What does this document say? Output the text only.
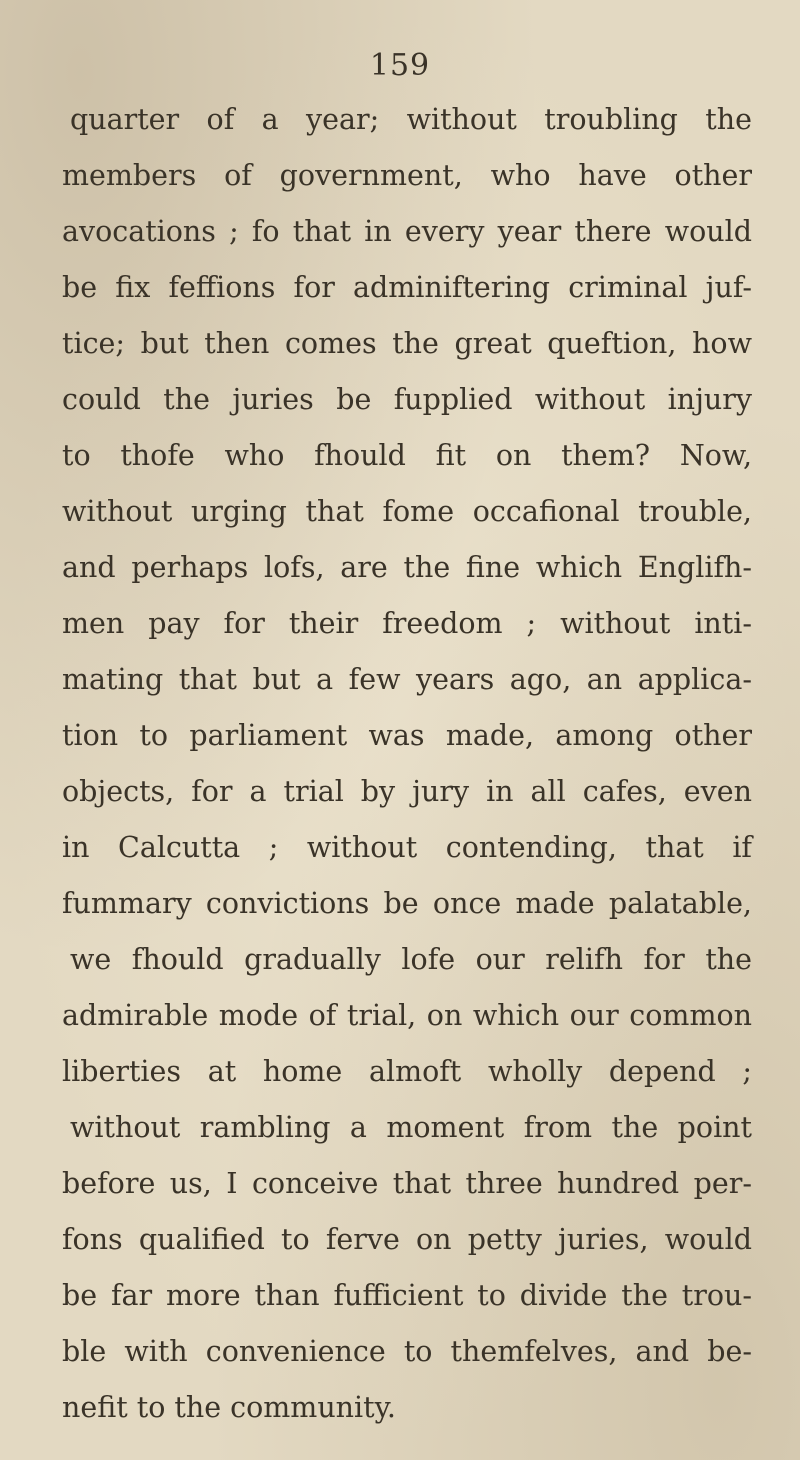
159
quarter of a year; without troubling the
members of government, who have other
avocations ; fo that in every year there would
be fix feffions for adminiftering criminal juf-
tice; but then comes the great queftion, how
could the juries be fupplied without injury
to thofe who fhould fit on them? Now,
without urging that fome occafional trouble,
and perhaps lofs, are the fine which Englifh-
men pay for their freedom ; without inti-
mating that but a few years ago, an applica-
tion to parliament was made, among other
objects, for a trial by jury in all cafes, even
in Calcutta ; without contending, that if
fummary convictions be once made palatable,
we fhould gradually lofe our relifh for the
admirable mode of trial, on which our common
liberties at home almoft wholly depend ;
without rambling a moment from the point
before us, I conceive that three hundred per-
fons qualified to ferve on petty juries, would
be far more than fufficient to divide the trou-
ble with convenience to themfelves, and be-
nefit to the community.
